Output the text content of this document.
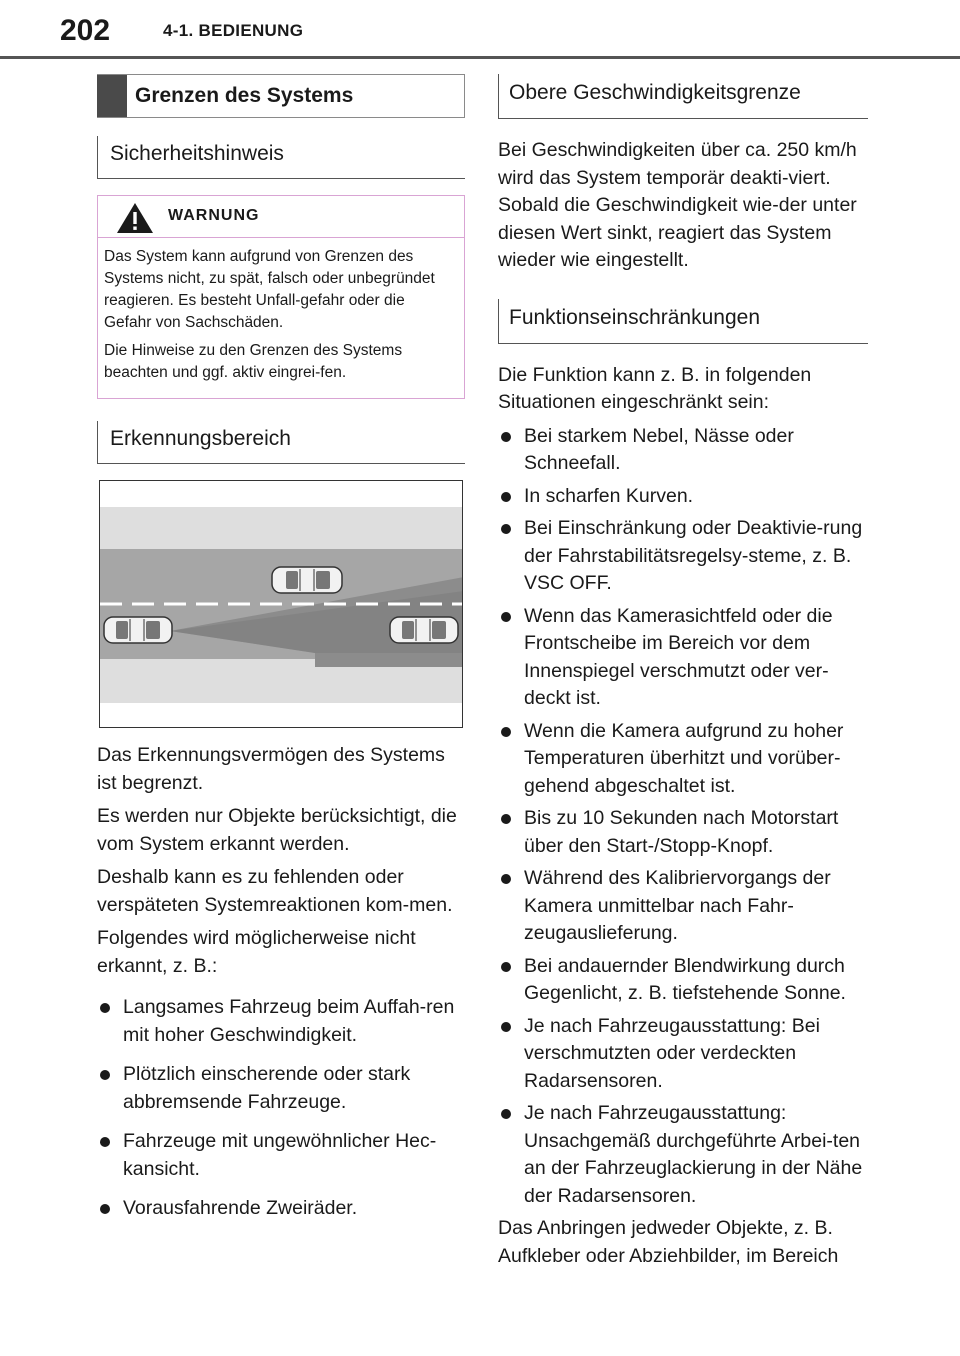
202	4-1. BEDIENUNG
Grenzen des Systems
Sicherheitshinweis
WARNUNG

Das System kann aufgrund von Grenzen des Systems nicht, zu spät, falsch oder unbegründet reagieren. Es besteht Unfall-gefahr oder die Gefahr von Sachschäden.

Die Hinweise zu den Grenzen des Systems beachten und ggf. aktiv eingrei-fen.

Erkennungsbereich

Das Erkennungsvermögen des Systems ist begrenzt.

Es werden nur Objekte berücksichtigt, die vom System erkannt werden.

Deshalb kann es zu fehlenden oder verspäteten Systemreaktionen kom-men.

Folgendes wird möglicherweise nicht erkannt, z. B.:

Langsames Fahrzeug beim Auffah-ren mit hoher Geschwindigkeit.
Plötzlich einscherende oder stark abbremsende Fahrzeuge.
Fahrzeuge mit ungewöhnlicher Hec-kansicht.
Vorausfahrende Zweiräder.
Obere Geschwindigkeitsgrenze

Bei Geschwindigkeiten über ca. 250 km/h wird das System temporär deakti-viert. Sobald die Geschwindigkeit wie-der unter diesen Wert sinkt, reagiert das System wieder wie eingestellt.

Funktionseinschränkungen

Die Funktion kann z. B. in folgenden Situationen eingeschränkt sein:

Bei starkem Nebel, Nässe oder Schneefall.
In scharfen Kurven.
Bei Einschränkung oder Deaktivie-rung der Fahrstabilitätsregelsy-steme, z. B. VSC OFF.
Wenn das Kamerasichtfeld oder die Frontscheibe im Bereich vor dem Innenspiegel verschmutzt oder ver-deckt ist.
Wenn die Kamera aufgrund zu hoher Temperaturen überhitzt und vorüber-gehend abgeschaltet ist.
Bis zu 10 Sekunden nach Motorstart über den Start-/Stopp-Knopf.
Während des Kalibriervorgangs der Kamera unmittelbar nach Fahr-zeugauslieferung.
Bei andauernder Blendwirkung durch Gegenlicht, z. B. tiefstehende Sonne.
Je nach Fahrzeugausstattung: Bei verschmutzten oder verdeckten Radarsensoren.
Je nach Fahrzeugausstattung: Unsachgemäß durchgeführte Arbei-ten an der Fahrzeuglackierung in der Nähe der Radarsensoren.

Das Anbringen jedweder Objekte, z. B. Aufkleber oder Abziehbilder, im Bereich
